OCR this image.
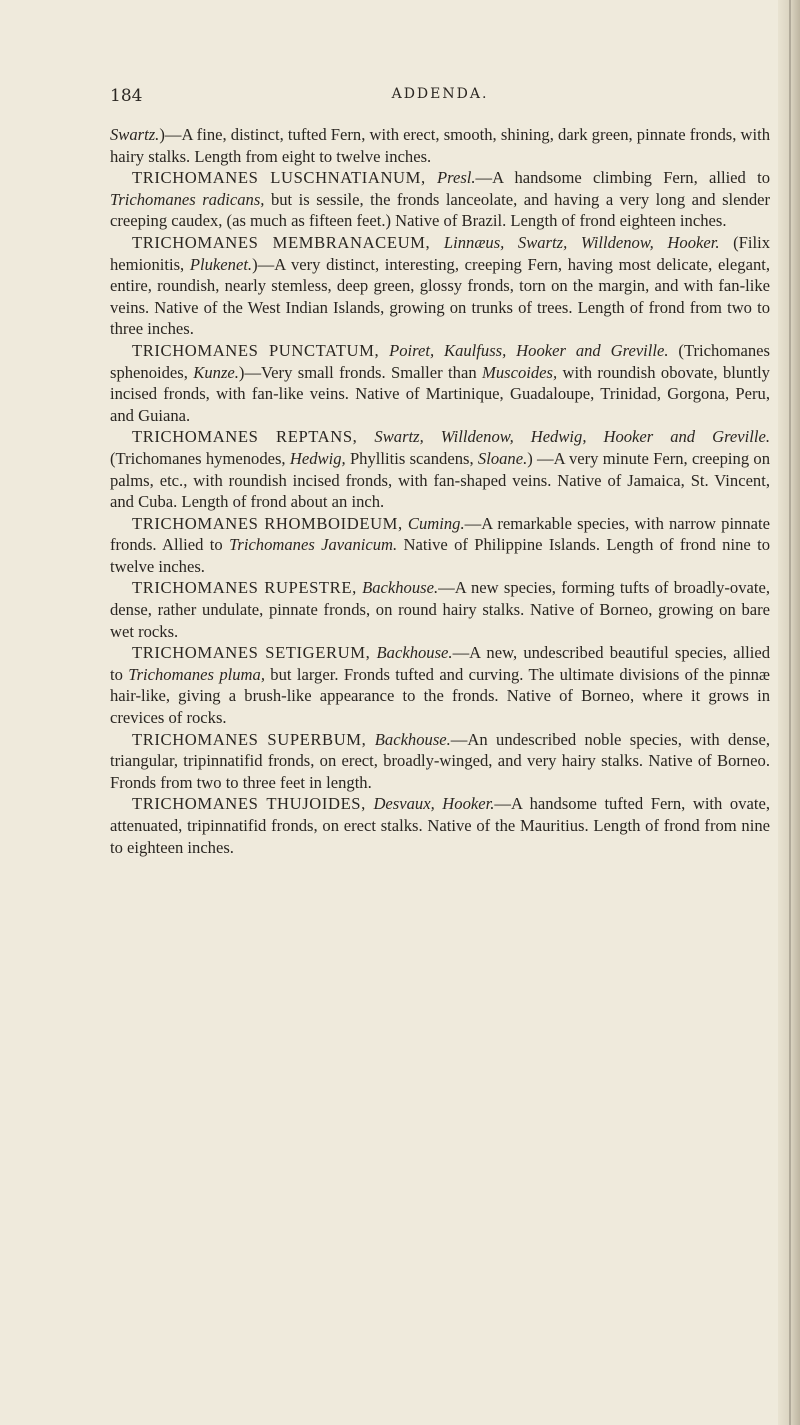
184	ADDENDA.

Swartz.)—A fine, distinct, tufted Fern, with erect, smooth, shining, dark green, pinnate fronds, with hairy stalks. Length from eight to twelve inches.

TRICHOMANES LUSCHNATIANUM, Presl.—A handsome climbing Fern, allied to Trichomanes radicans, but is sessile, the fronds lanceolate, and having a very long and slender creeping caudex, (as much as fifteen feet.) Native of Brazil. Length of frond eighteen inches.

TRICHOMANES MEMBRANACEUM, Linnæus, Swartz, Willdenow, Hooker. (Filix hemionitis, Plukenet.)—A very distinct, interesting, creeping Fern, having most delicate, elegant, entire, roundish, nearly stemless, deep green, glossy fronds, torn on the margin, and with fan-like veins. Native of the West Indian Islands, growing on trunks of trees. Length of frond from two to three inches.

TRICHOMANES PUNCTATUM, Poiret, Kaulfuss, Hooker and Greville. (Trichomanes sphenoides, Kunze.)—Very small fronds. Smaller than Muscoides, with roundish obovate, bluntly incised fronds, with fan-like veins. Native of Martinique, Guadaloupe, Trinidad, Gorgona, Peru, and Guiana.

TRICHOMANES REPTANS, Swartz, Willdenow, Hedwig, Hooker and Greville. (Trichomanes hymenodes, Hedwig, Phyllitis scandens, Sloane.) —A very minute Fern, creeping on palms, etc., with roundish incised fronds, with fan-shaped veins. Native of Jamaica, St. Vincent, and Cuba. Length of frond about an inch.

TRICHOMANES RHOMBOIDEUM, Cuming.—A remarkable species, with narrow pinnate fronds. Allied to Trichomanes Javanicum. Native of Philippine Islands. Length of frond nine to twelve inches.

TRICHOMANES RUPESTRE, Backhouse.—A new species, forming tufts of broadly-ovate, dense, rather undulate, pinnate fronds, on round hairy stalks. Native of Borneo, growing on bare wet rocks.

TRICHOMANES SETIGERUM, Backhouse.—A new, undescribed beautiful species, allied to Trichomanes pluma, but larger. Fronds tufted and curving. The ultimate divisions of the pinnæ hair-like, giving a brush-like appearance to the fronds. Native of Borneo, where it grows in crevices of rocks.

TRICHOMANES SUPERBUM, Backhouse.—An undescribed noble species, with dense, triangular, tripinnatifid fronds, on erect, broadly-winged, and very hairy stalks. Native of Borneo. Fronds from two to three feet in length.

TRICHOMANES THUJOIDES, Desvaux, Hooker.—A handsome tufted Fern, with ovate, attenuated, tripinnatifid fronds, on erect stalks. Native of the Mauritius. Length of frond from nine to eighteen inches.
